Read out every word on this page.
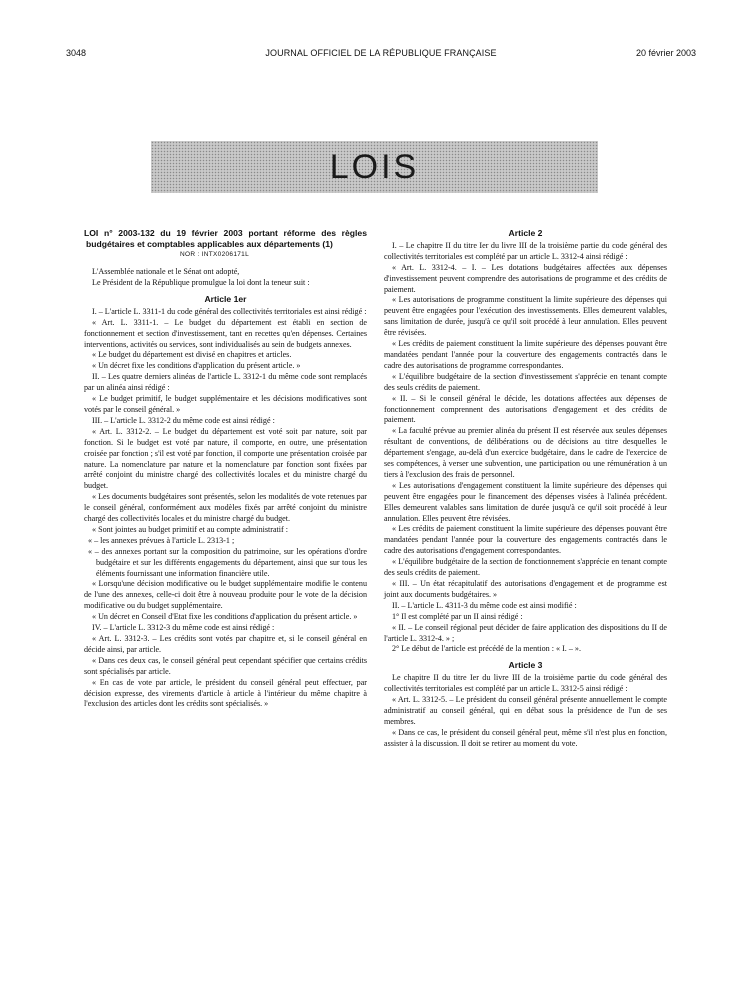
3048	JOURNAL OFFICIEL DE LA RÉPUBLIQUE FRANÇAISE	20 février 2003
LOIS
LOI n° 2003-132 du 19 février 2003 portant réforme des règles budgétaires et comptables applicables aux départements (1)
NOR : INTX0206171L

L'Assemblée nationale et le Sénat ont adopté,

Le Président de la République promulgue la loi dont la teneur suit :

Article 1er

I. – L'article L. 3311-1 du code général des collectivités territoriales est ainsi rédigé :

« Art. L. 3311-1. – Le budget du département est établi en section de fonctionnement et section d'investissement, tant en recettes qu'en dépenses. Certaines interventions, activités ou services, sont individualisés au sein de budgets annexes.

« Le budget du département est divisé en chapitres et articles.

« Un décret fixe les conditions d'application du présent article. »

II. – Les quatre derniers alinéas de l'article L. 3312-1 du même code sont remplacés par un alinéa ainsi rédigé :

« Le budget primitif, le budget supplémentaire et les décisions modificatives sont votés par le conseil général. »

III. – L'article L. 3312-2 du même code est ainsi rédigé :

« Art. L. 3312-2. – Le budget du département est voté soit par nature, soit par fonction. Si le budget est voté par nature, il comporte, en outre, une présentation croisée par fonction ; s'il est voté par fonction, il comporte une présentation croisée par nature. La nomenclature par nature et la nomenclature par fonction sont fixées par arrêté conjoint du ministre chargé des collectivités locales et du ministre chargé du budget.

« Les documents budgétaires sont présentés, selon les modalités de vote retenues par le conseil général, conformément aux modèles fixés par arrêté conjoint du ministre chargé des collectivités locales et du ministre chargé du budget.

« Sont jointes au budget primitif et au compte administratif :

« – les annexes prévues à l'article L. 2313-1 ;

« – des annexes portant sur la composition du patrimoine, sur les opérations d'ordre budgétaire et sur les différents engagements du département, ainsi que sur tous les éléments fournissant une information financière utile.

« Lorsqu'une décision modificative ou le budget supplémentaire modifie le contenu de l'une des annexes, celle-ci doit être à nouveau produite pour le vote de la décision modificative ou du budget supplémentaire.

« Un décret en Conseil d'Etat fixe les conditions d'application du présent article. »

IV. – L'article L. 3312-3 du même code est ainsi rédigé :

« Art. L. 3312-3. – Les crédits sont votés par chapitre et, si le conseil général en décide ainsi, par article.

« Dans ces deux cas, le conseil général peut cependant spécifier que certains crédits sont spécialisés par article.

« En cas de vote par article, le président du conseil général peut effectuer, par décision expresse, des virements d'article à article à l'intérieur du même chapitre à l'exclusion des articles dont les crédits sont spécialisés. »

Article 2

I. – Le chapitre II du titre Ier du livre III de la troisième partie du code général des collectivités territoriales est complété par un article L. 3312-4 ainsi rédigé :

« Art. L. 3312-4. – I. – Les dotations budgétaires affectées aux dépenses d'investissement peuvent comprendre des autorisations de programme et des crédits de paiement.

« Les autorisations de programme constituent la limite supérieure des dépenses qui peuvent être engagées pour l'exécution des investissements. Elles demeurent valables, sans limitation de durée, jusqu'à ce qu'il soit procédé à leur annulation. Elles peuvent être révisées.

« Les crédits de paiement constituent la limite supérieure des dépenses pouvant être mandatées pendant l'année pour la couverture des engagements contractés dans le cadre des autorisations de programme correspondantes.

« L'équilibre budgétaire de la section d'investissement s'apprécie en tenant compte des seuls crédits de paiement.

« II. – Si le conseil général le décide, les dotations affectées aux dépenses de fonctionnement comprennent des autorisations d'engagement et des crédits de paiement.

« La faculté prévue au premier alinéa du présent II est réservée aux seules dépenses résultant de conventions, de délibérations ou de décisions au titre desquelles le département s'engage, au-delà d'un exercice budgétaire, dans le cadre de l'exercice de ses compétences, à verser une subvention, une participation ou une rémunération à un tiers à l'exclusion des frais de personnel.

« Les autorisations d'engagement constituent la limite supérieure des dépenses qui peuvent être engagées pour le financement des dépenses visées à l'alinéa précédent. Elles demeurent valables sans limitation de durée jusqu'à ce qu'il soit procédé à leur annulation. Elles peuvent être révisées.

« Les crédits de paiement constituent la limite supérieure des dépenses pouvant être mandatées pendant l'année pour la couverture des engagements contractés dans le cadre des autorisations d'engagement correspondantes.

« L'équilibre budgétaire de la section de fonctionnement s'apprécie en tenant compte des seuls crédits de paiement.

« III. – Un état récapitulatif des autorisations d'engagement et de programme est joint aux documents budgétaires. »

II. – L'article L. 4311-3 du même code est ainsi modifié :

1° Il est complété par un II ainsi rédigé :

« II. – Le conseil régional peut décider de faire application des dispositions du II de l'article L. 3312-4. » ;

2° Le début de l'article est précédé de la mention : « I. – ».

Article 3

Le chapitre II du titre Ier du livre III de la troisième partie du code général des collectivités territoriales est complété par un article L. 3312-5 ainsi rédigé :

« Art. L. 3312-5. – Le président du conseil général présente annuellement le compte administratif au conseil général, qui en débat sous la présidence de l'un de ses membres.

« Dans ce cas, le président du conseil général peut, même s'il n'est plus en fonction, assister à la discussion. Il doit se retirer au moment du vote.
